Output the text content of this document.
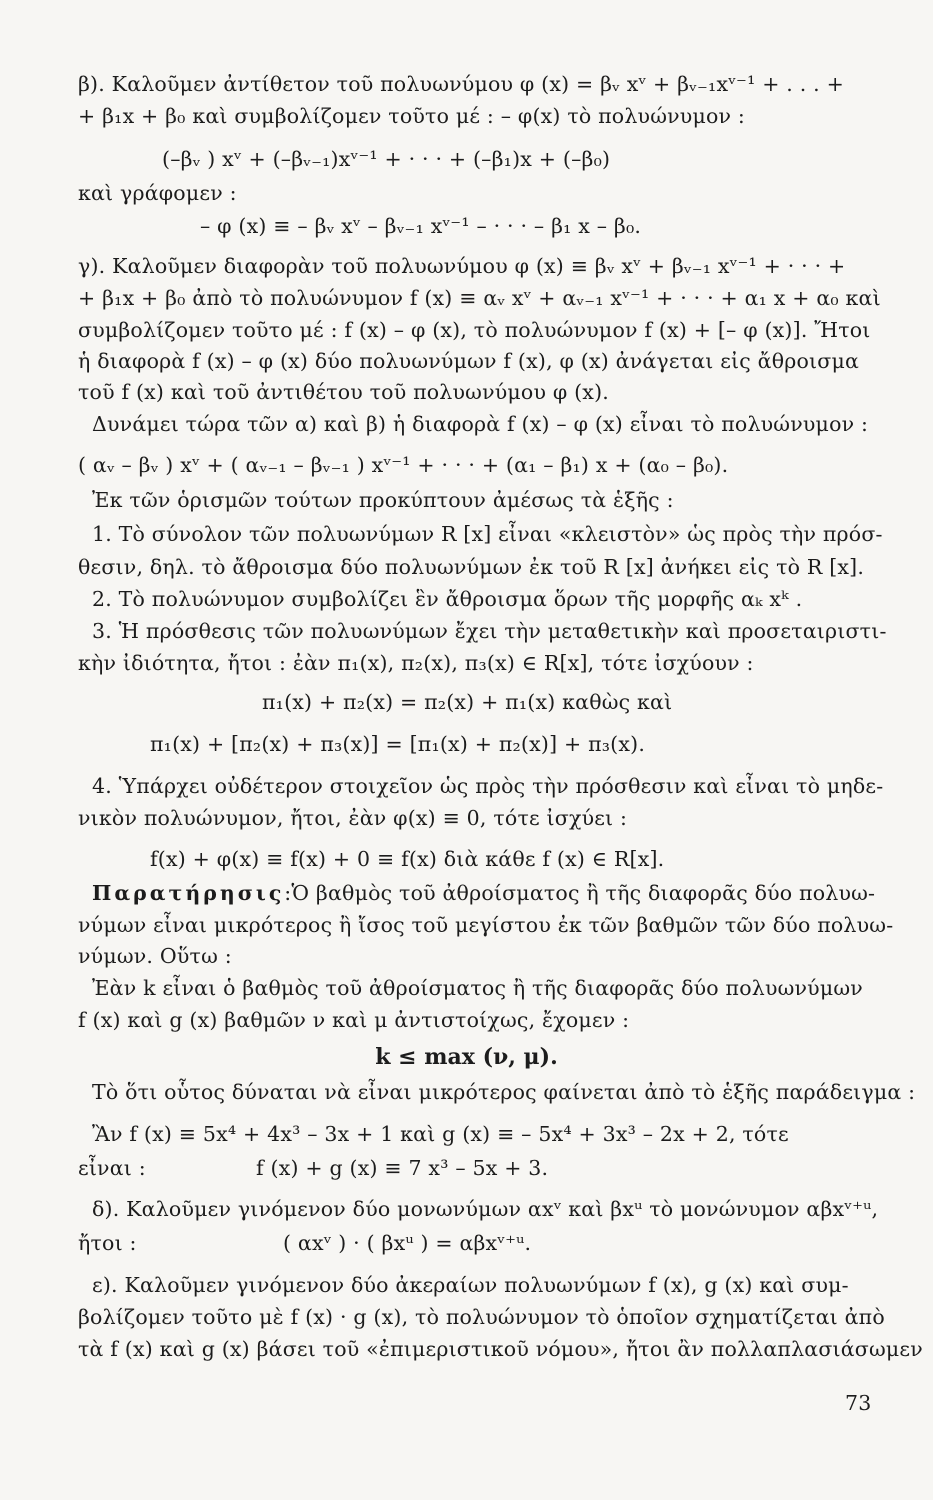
β). Καλοῦμεν ἀντίθετον τοῦ πολυωνύμου φ (x) = βᵥ xᵛ + βᵥ₋₁xᵛ⁻¹ + . . . +
+ β₁x + β₀ καὶ συμβολίζομεν τοῦτο μέ : – φ(x) τὸ πολυώνυμον :
(–βᵥ ) xᵛ + (–βᵥ₋₁)xᵛ⁻¹ + · · · + (–β₁)x + (–β₀)
καὶ γράφομεν :
– φ (x) ≡ – βᵥ xᵛ – βᵥ₋₁ xᵛ⁻¹ – · · · – β₁ x – β₀.
γ). Καλοῦμεν διαφορὰν τοῦ πολυωνύμου φ (x) ≡ βᵥ xᵛ + βᵥ₋₁ xᵛ⁻¹ + · · · +
+ β₁x + β₀ ἀπὸ τὸ πολυώνυμον f (x) ≡ αᵥ xᵛ + αᵥ₋₁ xᵛ⁻¹ + · · · + α₁ x + α₀ καὶ
συμβολίζομεν τοῦτο μέ : f (x) – φ (x), τὸ πολυώνυμον f (x) + [– φ (x)]. Ἤτοι
ἡ διαφορὰ f (x) – φ (x) δύο πολυωνύμων f (x), φ (x) ἀνάγεται εἰς ἄθροισμα
τοῦ f (x) καὶ τοῦ ἀντιθέτου τοῦ πολυωνύμου φ (x).
Δυνάμει τώρα τῶν α) καὶ β) ἡ διαφορὰ f (x) – φ (x) εἶναι τὸ πολυώνυμον :
( αᵥ – βᵥ ) xᵛ + ( αᵥ₋₁ – βᵥ₋₁ ) xᵛ⁻¹ + · · · + (α₁ – β₁) x + (α₀ – β₀).
Ἐκ τῶν ὁρισμῶν τούτων προκύπτουν ἀμέσως τὰ ἑξῆς :
1. Τὸ σύνολον τῶν πολυωνύμων R [x] εἶναι «κλειστὸν» ὡς πρὸς τὴν πρόσ-
θεσιν, δηλ. τὸ ἄθροισμα δύο πολυωνύμων ἐκ τοῦ R [x] ἀνήκει εἰς τὸ R [x].
2. Τὸ πολυώνυμον συμβολίζει ἓν ἄθροισμα ὅρων τῆς μορφῆς αₖ xᵏ .
3. Ἡ πρόσθεσις τῶν πολυωνύμων ἔχει τὴν μεταθετικὴν καὶ προσεταιριστι-
κὴν ἰδιότητα, ἤτοι : ἐὰν π₁(x), π₂(x), π₃(x) ∈ R[x], τότε ἰσχύουν :
π₁(x) + π₂(x) = π₂(x) + π₁(x) καθὼς καὶ
π₁(x) + [π₂(x) + π₃(x)] = [π₁(x) + π₂(x)] + π₃(x).
4. Ὑπάρχει οὐδέτερον στοιχεῖον ὡς πρὸς τὴν πρόσθεσιν καὶ εἶναι τὸ μηδε-
νικὸν πολυώνυμον, ἤτοι, ἐὰν φ(x) ≡ 0, τότε ἰσχύει :
f(x) + φ(x) ≡ f(x) + 0 ≡ f(x) διὰ κάθε f (x) ∈ R[x].
Παρατήρησις:Ὁ βαθμὸς τοῦ ἀθροίσματος ἢ τῆς διαφορᾶς δύο πολυω-
νύμων εἶναι μικρότερος ἢ ἴσος τοῦ μεγίστου ἐκ τῶν βαθμῶν τῶν δύο πολυω-
νύμων. Οὕτω :
Ἐὰν k εἶναι ὁ βαθμὸς τοῦ ἀθροίσματος ἢ τῆς διαφορᾶς δύο πολυωνύμων
f (x) καὶ g (x) βαθμῶν ν καὶ μ ἀντιστοίχως, ἔχομεν :
k ≤ max (ν, μ).
Τὸ ὅτι οὗτος δύναται νὰ εἶναι μικρότερος φαίνεται ἀπὸ τὸ ἑξῆς παράδειγμα :
Ἂν f (x) ≡ 5x⁴ + 4x³ – 3x + 1 καὶ g (x) ≡ – 5x⁴ + 3x³ – 2x + 2, τότε
εἶναι :	f (x) + g (x) ≡ 7 x³ – 5x + 3.
δ). Καλοῦμεν γινόμενον δύο μονωνύμων αxᵛ καὶ βxᵘ τὸ μονώνυμον αβxᵛ⁺ᵘ,
ἤτοι :	( αxᵛ ) · ( βxᵘ ) = αβxᵛ⁺ᵘ.
ε). Καλοῦμεν γινόμενον δύο ἀκεραίων πολυωνύμων f (x), g (x) καὶ συμ-
βολίζομεν τοῦτο μὲ f (x) · g (x), τὸ πολυώνυμον τὸ ὁποῖον σχηματίζεται ἀπὸ
τὰ f (x) καὶ g (x) βάσει τοῦ «ἐπιμεριστικοῦ νόμου», ἤτοι ἂν πολλαπλασιάσωμεν
73
